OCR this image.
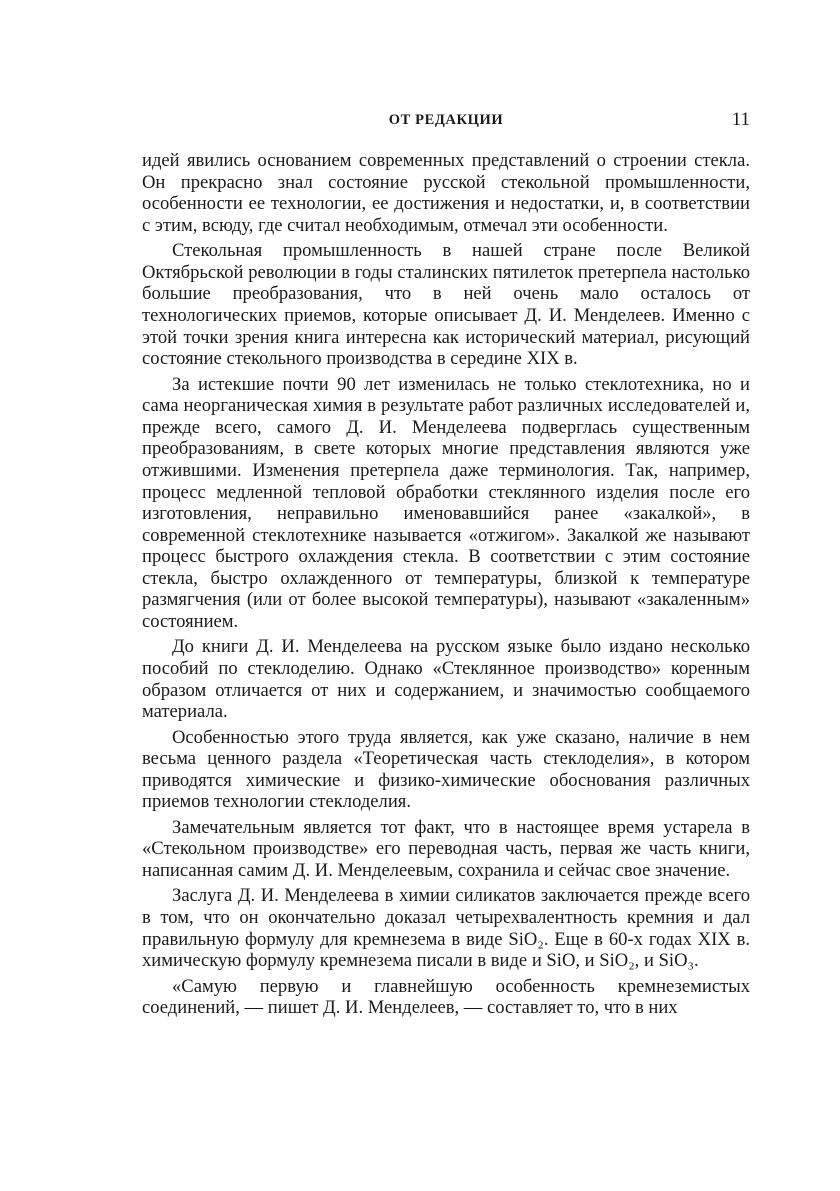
ОТ РЕДАКЦИИ	11

идей явились основанием современных представлений о строении стекла. Он прекрасно знал состояние русской стекольной промышленности, особенности ее технологии, ее достижения и недостатки, и, в соответствии с этим, всюду, где считал необходимым, отмечал эти особенности.

Стекольная промышленность в нашей стране после Великой Октябрьской революции в годы сталинских пятилеток претерпела настолько большие преобразования, что в ней очень мало осталось от технологических приемов, которые описывает Д. И. Менделеев. Именно с этой точки зрения книга интересна как исторический материал, рисующий состояние стекольного производства в середине XIX в.

За истекшие почти 90 лет изменилась не только стеклотехника, но и сама неорганическая химия в результате работ различных исследователей и, прежде всего, самого Д. И. Менделеева подверглась существенным преобразованиям, в свете которых многие представления являются уже отжившими. Изменения претерпела даже терминология. Так, например, процесс медленной тепловой обработки стеклянного изделия после его изготовления, неправильно именовавшийся ранее «закалкой», в современной стеклотехнике называется «отжигом». Закалкой же называют процесс быстрого охлаждения стекла. В соответствии с этим состояние стекла, быстро охлажденного от температуры, близкой к температуре размягчения (или от более высокой температуры), называют «закаленным» состоянием.

До книги Д. И. Менделеева на русском языке было издано несколько пособий по стеклоделию. Однако «Стеклянное производство» коренным образом отличается от них и содержанием, и значимостью сообщаемого материала.

Особенностью этого труда является, как уже сказано, наличие в нем весьма ценного раздела «Теоретическая часть стеклоделия», в котором приводятся химические и физико-химические обоснования различных приемов технологии стеклоделия.

Замечательным является тот факт, что в настоящее время устарела в «Стекольном производстве» его переводная часть, первая же часть книги, написанная самим Д. И. Менделеевым, сохранила и сейчас свое значение.

Заслуга Д. И. Менделеева в химии силикатов заключается прежде всего в том, что он окончательно доказал четырехвалентность кремния и дал правильную формулу для кремнезема в виде SiO₂. Еще в 60-х годах XIX в. химическую формулу кремнезема писали в виде и SiO, и SiO₂, и SiO₃.

«Самую первую и главнейшую особенность кремнеземистых соединений, — пишет Д. И. Менделеев, — составляет то, что в них
